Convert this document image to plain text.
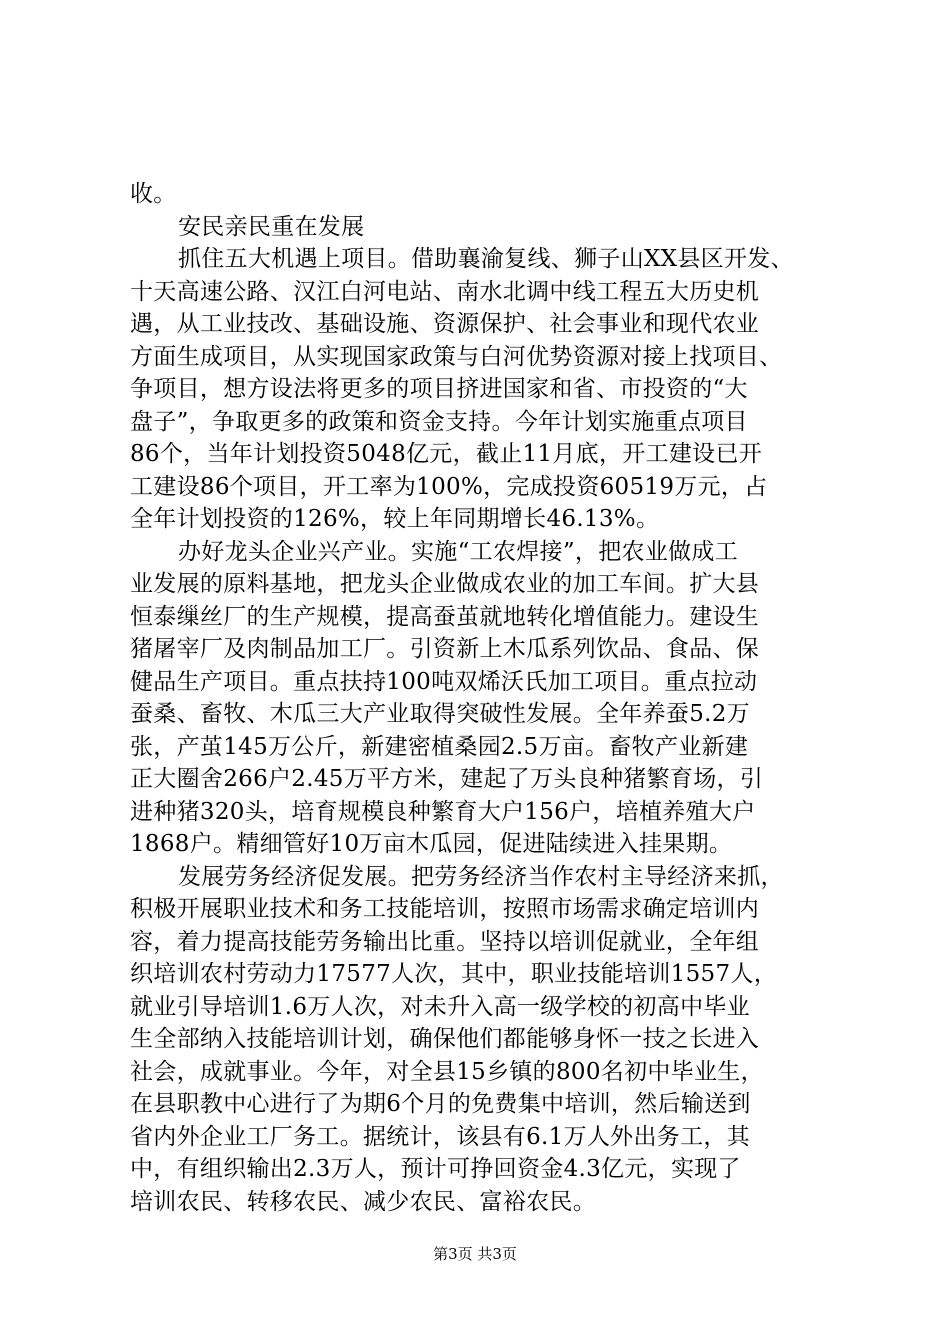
收。
安民亲民重在发展
抓住五大机遇上项目。借助襄渝复线、狮子山XX县区开发、
十天高速公路、汉江白河电站、南水北调中线工程五大历史机
遇，从工业技改、基础设施、资源保护、社会事业和现代农业
方面生成项目，从实现国家政策与白河优势资源对接上找项目、
争项目，想方设法将更多的项目挤进国家和省、市投资的“大
盘子”，争取更多的政策和资金支持。今年计划实施重点项目
86个，当年计划投资5048亿元，截止11月底，开工建设已开
工建设86个项目，开工率为100%，完成投资60519万元，占
全年计划投资的126%，较上年同期增长46.13%。
办好龙头企业兴产业。实施“工农焊接”，把农业做成工
业发展的原料基地，把龙头企业做成农业的加工车间。扩大县
恒泰缫丝厂的生产规模，提高蚕茧就地转化增值能力。建设生
猪屠宰厂及肉制品加工厂。引资新上木瓜系列饮品、食品、保
健品生产项目。重点扶持100吨双烯沃氏加工项目。重点拉动
蚕桑、畜牧、木瓜三大产业取得突破性发展。全年养蚕5.2万
张，产茧145万公斤，新建密植桑园2.5万亩。畜牧产业新建
正大圈舍266户2.45万平方米，建起了万头良种猪繁育场，引
进种猪320头，培育规模良种繁育大户156户，培植养殖大户
1868户。精细管好10万亩木瓜园，促进陆续进入挂果期。
发展劳务经济促发展。把劳务经济当作农村主导经济来抓，
积极开展职业技术和务工技能培训，按照市场需求确定培训内
容，着力提高技能劳务输出比重。坚持以培训促就业，全年组
织培训农村劳动力17577人次，其中，职业技能培训1557人，
就业引导培训1.6万人次，对未升入高一级学校的初高中毕业
生全部纳入技能培训计划，确保他们都能够身怀一技之长进入
社会，成就事业。今年，对全县15乡镇的800名初中毕业生，
在县职教中心进行了为期6个月的免费集中培训，然后输送到
省内外企业工厂务工。据统计，该县有6.1万人外出务工，其
中，有组织输出2.3万人，预计可挣回资金4.3亿元，实现了
培训农民、转移农民、减少农民、富裕农民。
第3页 共3页
